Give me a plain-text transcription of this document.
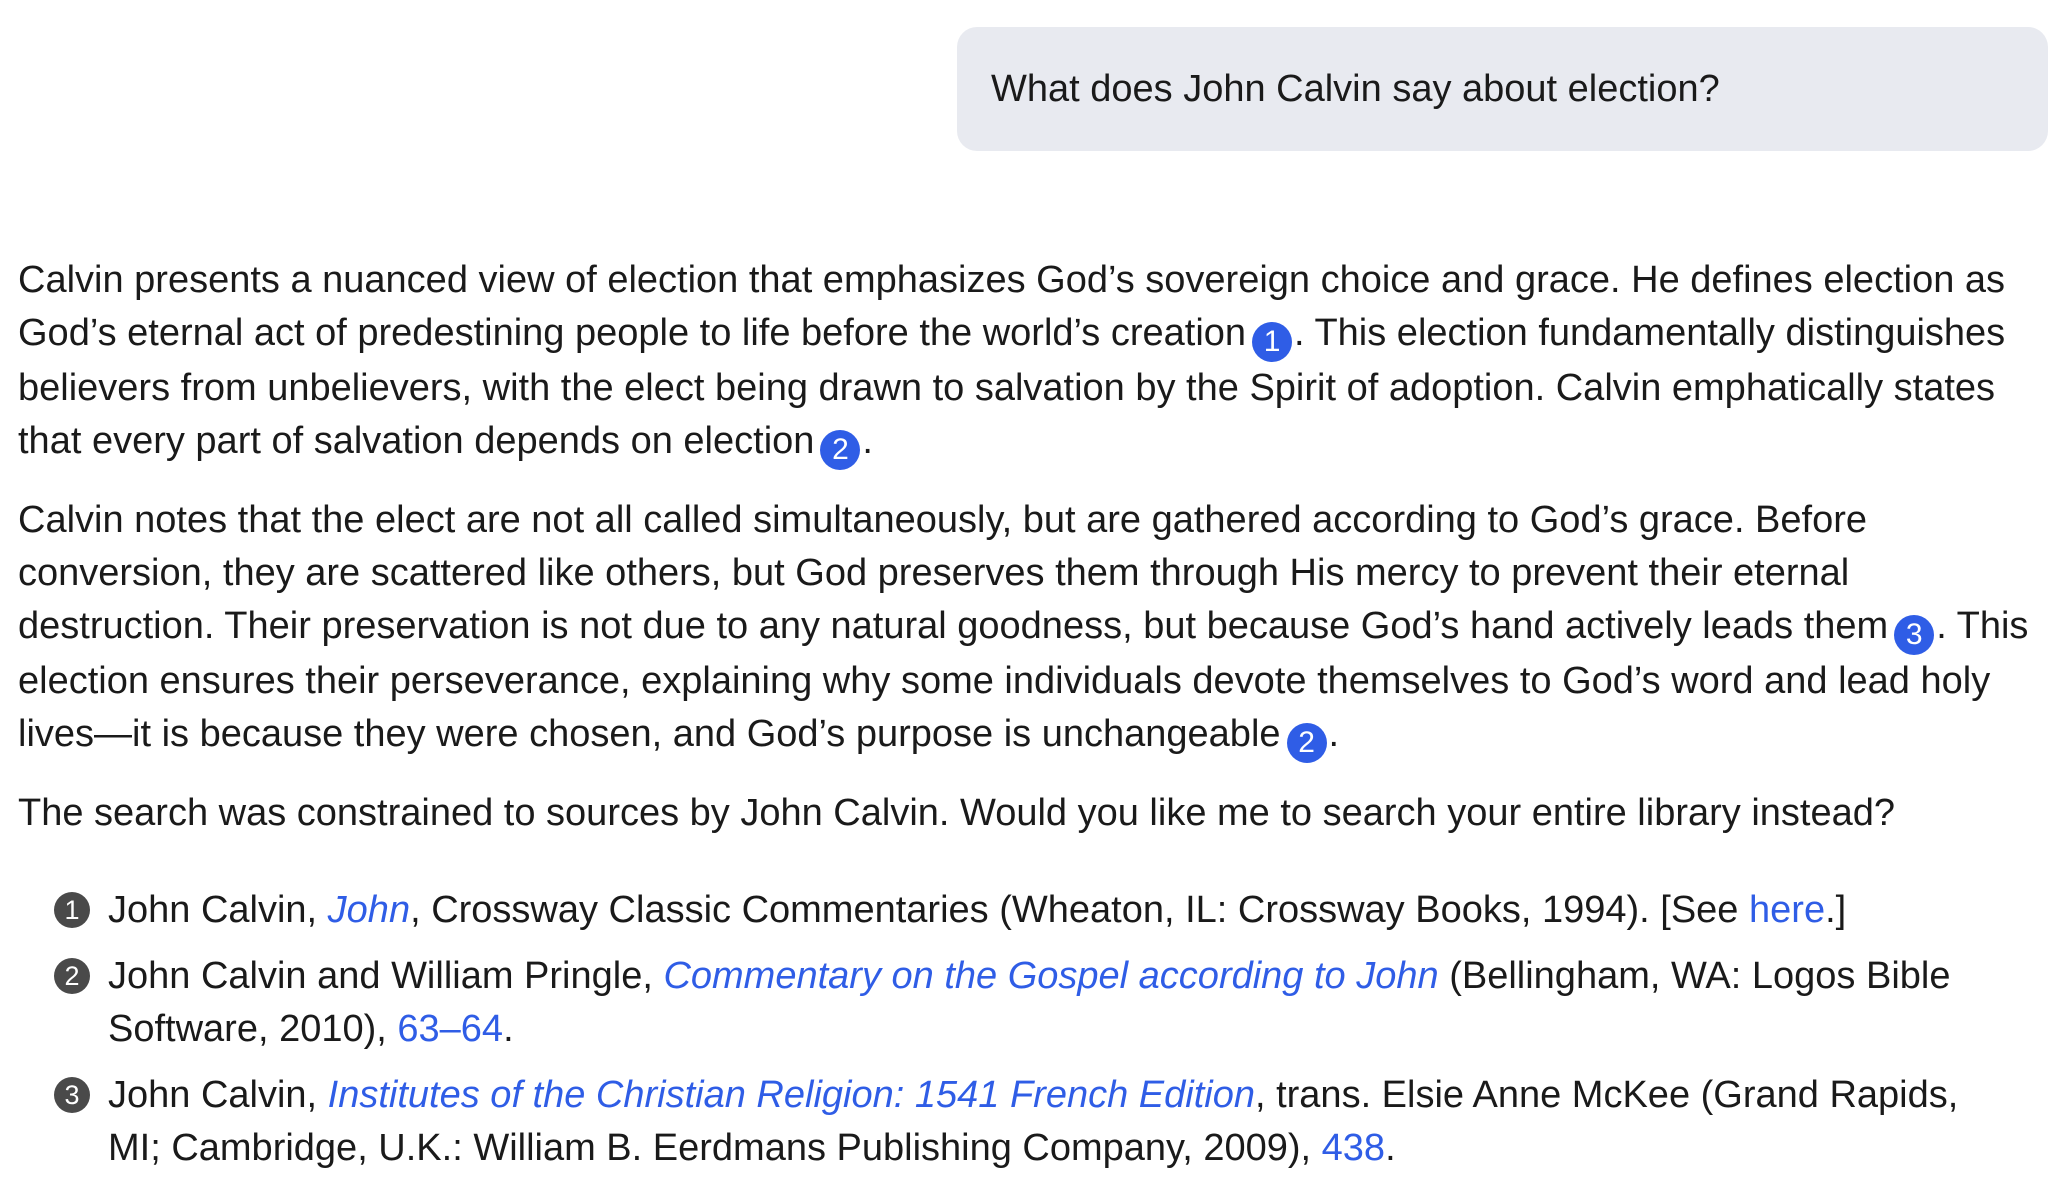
What does John Calvin say about election?

Calvin presents a nuanced view of election that emphasizes God’s sovereign choice and grace. He defines election as God’s eternal act of predestining people to life before the world’s creation 1 . This election fundamentally distinguishes believers from unbelievers, with the elect being drawn to salvation by the Spirit of adoption. Calvin emphatically states that every part of salvation depends on election 2 .

Calvin notes that the elect are not all called simultaneously, but are gathered according to God’s grace. Before conversion, they are scattered like others, but God preserves them through His mercy to prevent their eternal destruction. Their preservation is not due to any natural goodness, but because God’s hand actively leads them 3 . This election ensures their perseverance, explaining why some individuals devote themselves to God’s word and lead holy lives—it is because they were chosen, and God’s purpose is unchangeable 2 .

The search was constrained to sources by John Calvin. Would you like me to search your entire library instead?

1 John Calvin, John, Crossway Classic Commentaries (Wheaton, IL: Crossway Books, 1994). [See here.]
2 John Calvin and William Pringle, Commentary on the Gospel according to John (Bellingham, WA: Logos Bible Software, 2010), 63–64.
3 John Calvin, Institutes of the Christian Religion: 1541 French Edition, trans. Elsie Anne McKee (Grand Rapids, MI; Cambridge, U.K.: William B. Eerdmans Publishing Company, 2009), 438.
